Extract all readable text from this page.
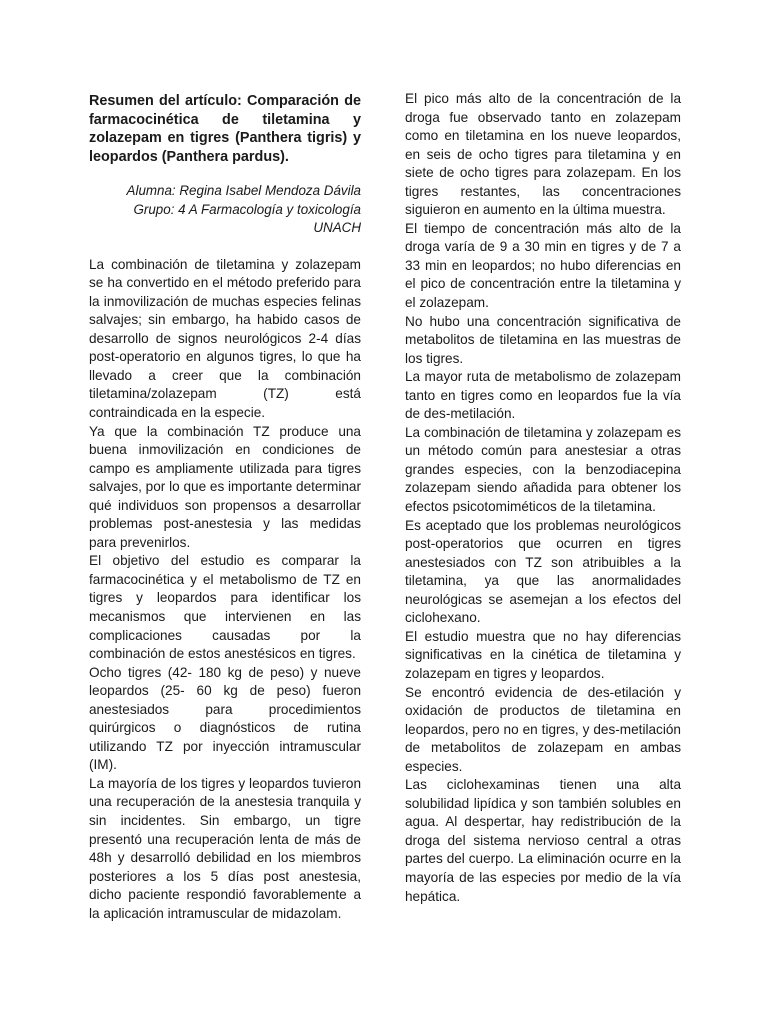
Resumen del artículo: Comparación de farmacocinética de tiletamina y zolazepam en tigres (Panthera tigris) y leopardos (Panthera pardus).

Alumna: Regina Isabel Mendoza Dávila
Grupo: 4 A Farmacología y toxicología
UNACH

La combinación de tiletamina y zolazepam se ha convertido en el método preferido para la inmovilización de muchas especies felinas salvajes; sin embargo, ha habido casos de desarrollo de signos neurológicos 2-4 días post-operatorio en algunos tigres, lo que ha llevado a creer que la combinación tiletamina/zolazepam (TZ) está contraindicada en la especie.

Ya que la combinación TZ produce una buena inmovilización en condiciones de campo es ampliamente utilizada para tigres salvajes, por lo que es importante determinar qué individuos son propensos a desarrollar problemas post-anestesia y las medidas para prevenirlos.

El objetivo del estudio es comparar la farmacocinética y el metabolismo de TZ en tigres y leopardos para identificar los mecanismos que intervienen en las complicaciones causadas por la combinación de estos anestésicos en tigres.

Ocho tigres (42- 180 kg de peso) y nueve leopardos (25- 60 kg de peso) fueron anestesiados para procedimientos quirúrgicos o diagnósticos de rutina utilizando TZ por inyección intramuscular (IM).

La mayoría de los tigres y leopardos tuvieron una recuperación de la anestesia tranquila y sin incidentes. Sin embargo, un tigre presentó una recuperación lenta de más de 48h y desarrolló debilidad en los miembros posteriores a los 5 días post anestesia, dicho paciente respondió favorablemente a la aplicación intramuscular de midazolam.

El pico más alto de la concentración de la droga fue observado tanto en zolazepam como en tiletamina en los nueve leopardos, en seis de ocho tigres para tiletamina y en siete de ocho tigres para zolazepam. En los tigres restantes, las concentraciones siguieron en aumento en la última muestra.

El tiempo de concentración más alto de la droga varía de 9 a 30 min en tigres y de 7 a 33 min en leopardos; no hubo diferencias en el pico de concentración entre la tiletamina y el zolazepam.

No hubo una concentración significativa de metabolitos de tiletamina en las muestras de los tigres.

La mayor ruta de metabolismo de zolazepam tanto en tigres como en leopardos fue la vía de des-metilación.

La combinación de tiletamina y zolazepam es un método común para anestesiar a otras grandes especies, con la benzodiacepina zolazepam siendo añadida para obtener los efectos psicotomiméticos de la tiletamina.

Es aceptado que los problemas neurológicos post-operatorios que ocurren en tigres anestesiados con TZ son atribuibles a la tiletamina, ya que las anormalidades neurológicas se asemejan a los efectos del ciclohexano.

El estudio muestra que no hay diferencias significativas en la cinética de tiletamina y zolazepam en tigres y leopardos.

Se encontró evidencia de des-etilación y oxidación de productos de tiletamina en leopardos, pero no en tigres, y des-metilación de metabolitos de zolazepam en ambas especies.

Las ciclohexaminas tienen una alta solubilidad lipídica y son también solubles en agua. Al despertar, hay redistribución de la droga del sistema nervioso central a otras partes del cuerpo. La eliminación ocurre en la mayoría de las especies por medio de la vía hepática.
